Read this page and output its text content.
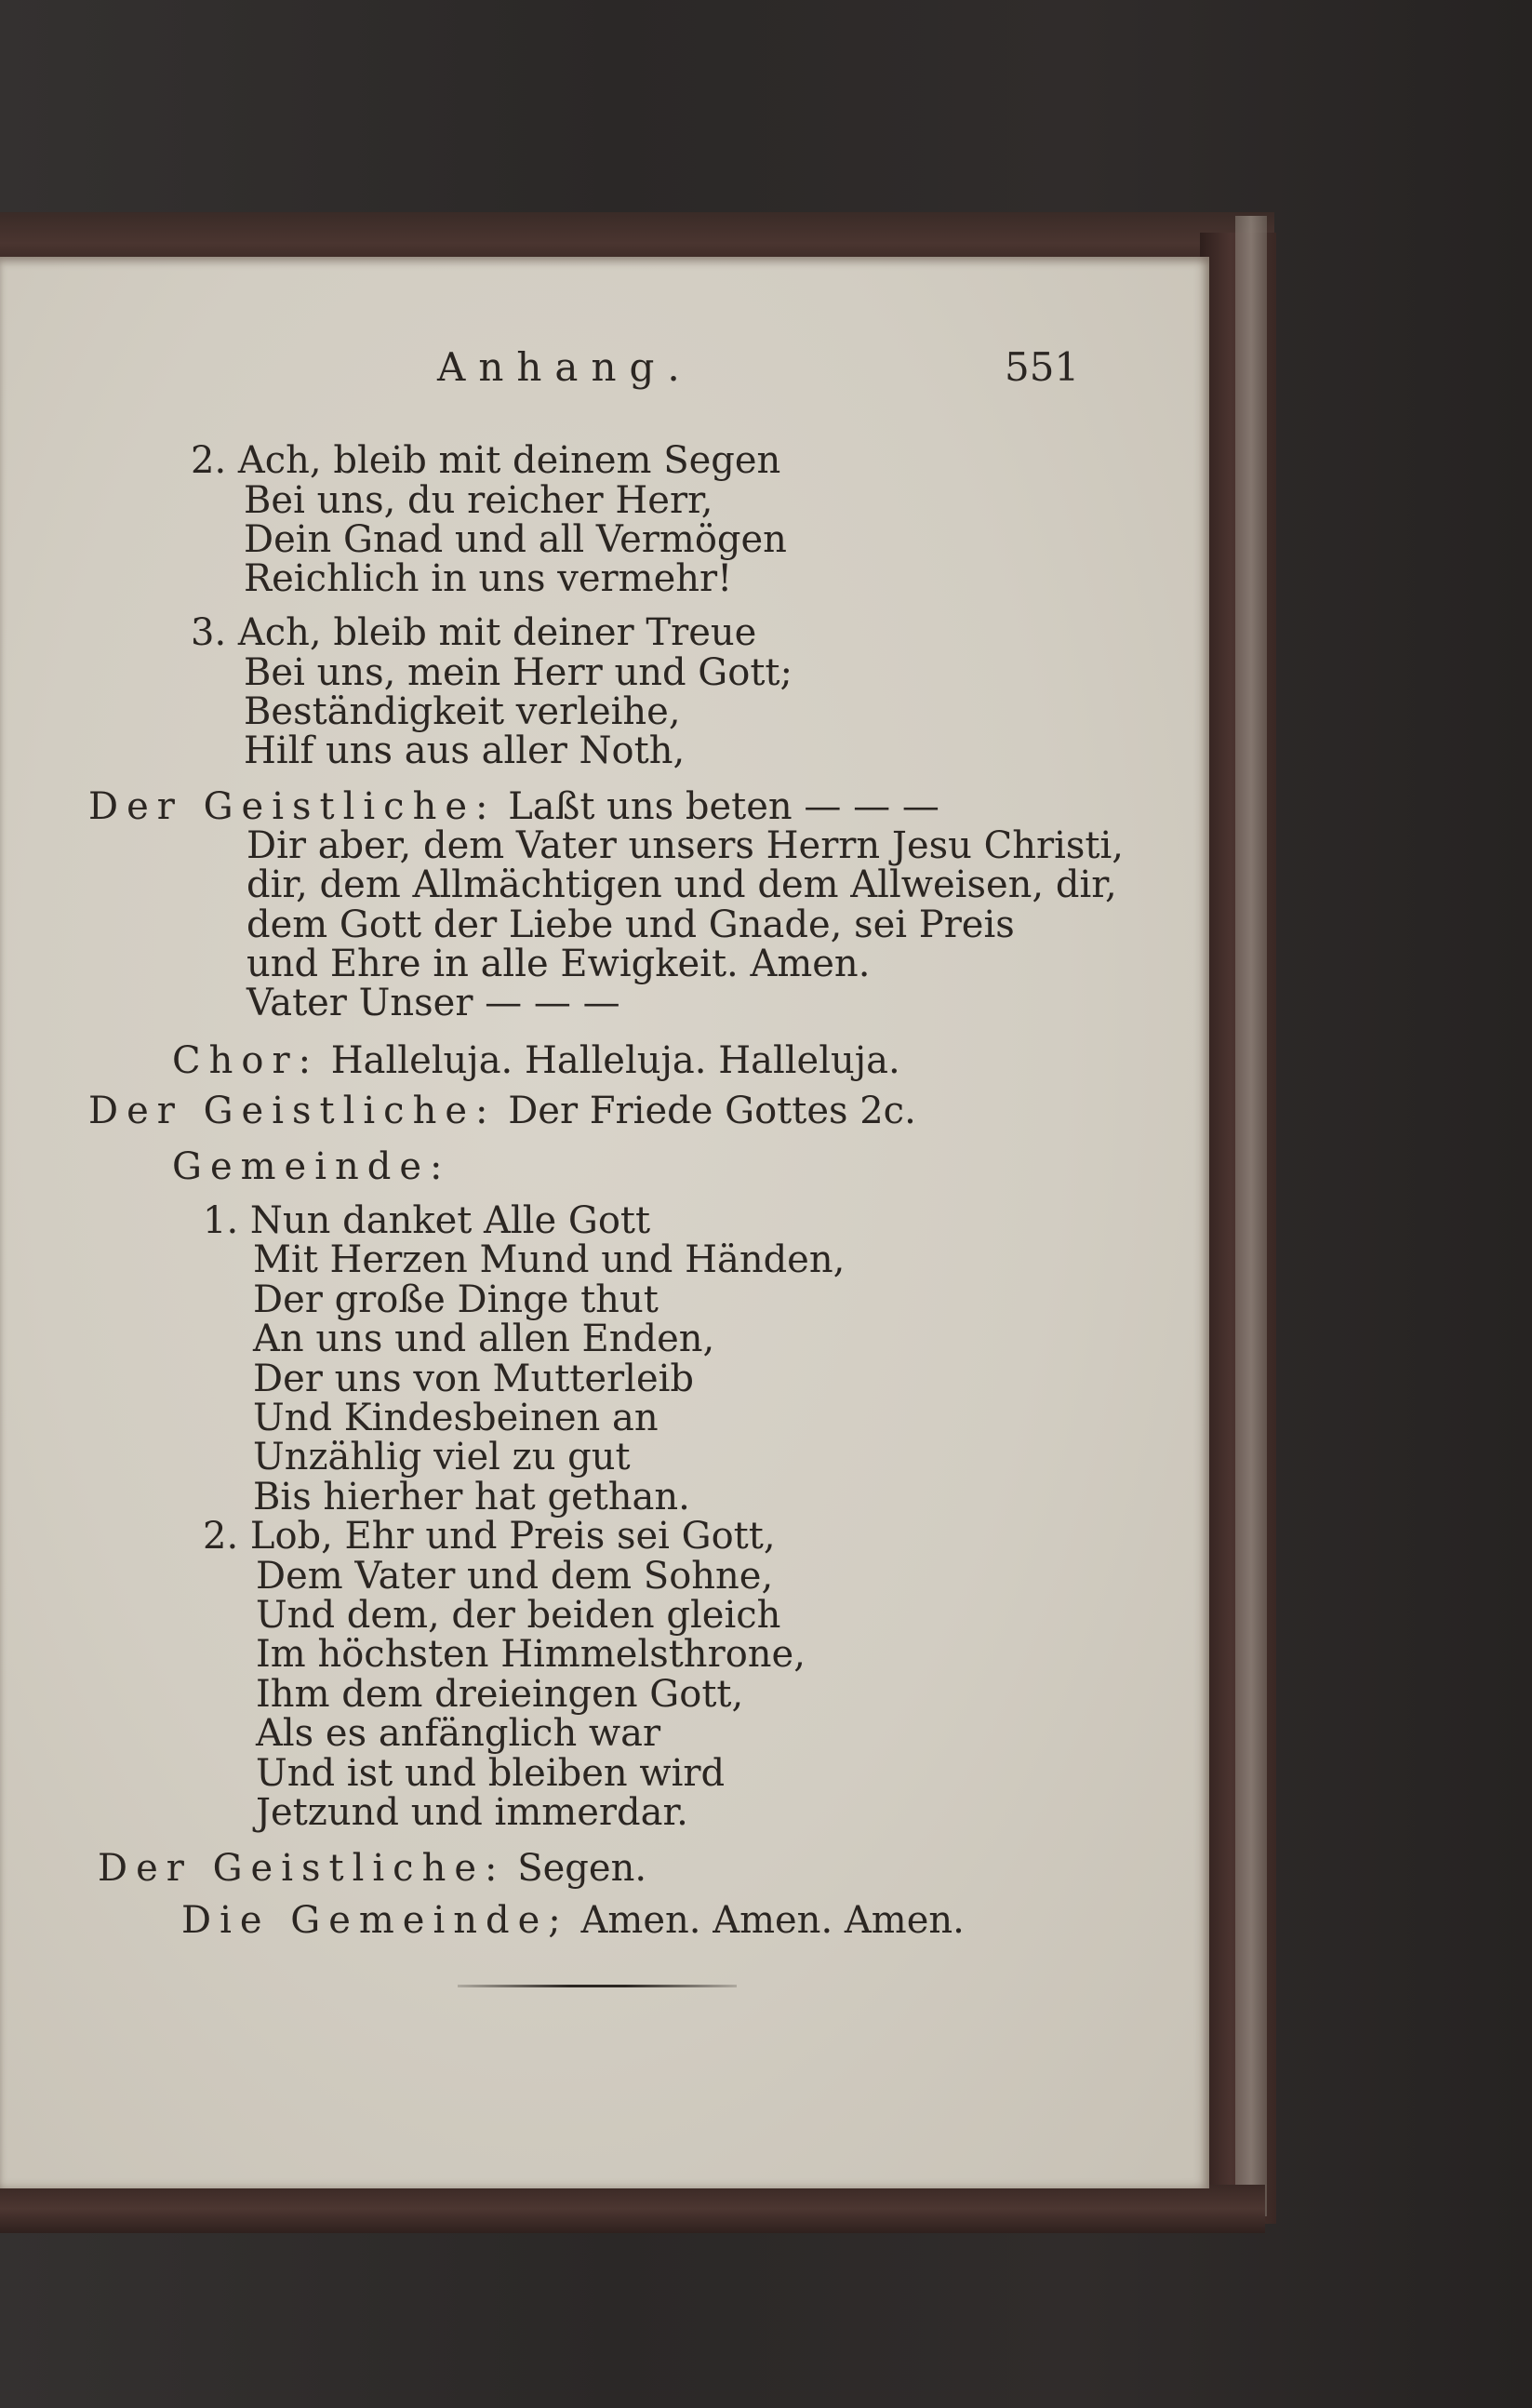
Anhang.	551
2. Ach, bleib mit deinem Segen
Bei uns, du reicher Herr,
Dein Gnad und all Vermögen
Reichlich in uns vermehr!
3. Ach, bleib mit deiner Treue
Bei uns, mein Herr und Gott;
Beständigkeit verleihe,
Hilf uns aus aller Noth,
Der Geistliche: Laßt uns beten — — —
Dir aber, dem Vater unsers Herrn Jesu Christi,
dir, dem Allmächtigen und dem Allweisen, dir,
dem Gott der Liebe und Gnade, sei Preis
und Ehre in alle Ewigkeit. Amen.
Vater Unser — — —
Chor: Halleluja. Halleluja. Halleluja.
Der Geistliche: Der Friede Gottes 2c.
Gemeinde:
1. Nun danket Alle Gott
Mit Herzen Mund und Händen,
Der große Dinge thut
An uns und allen Enden,
Der uns von Mutterleib
Und Kindesbeinen an
Unzählig viel zu gut
Bis hierher hat gethan.
2. Lob, Ehr und Preis sei Gott,
Dem Vater und dem Sohne,
Und dem, der beiden gleich
Im höchsten Himmelsthrone,
Ihm dem dreieingen Gott,
Als es anfänglich war
Und ist und bleiben wird
Jetzund und immerdar.
Der Geistliche: Segen.
Die Gemeinde; Amen. Amen. Amen.
